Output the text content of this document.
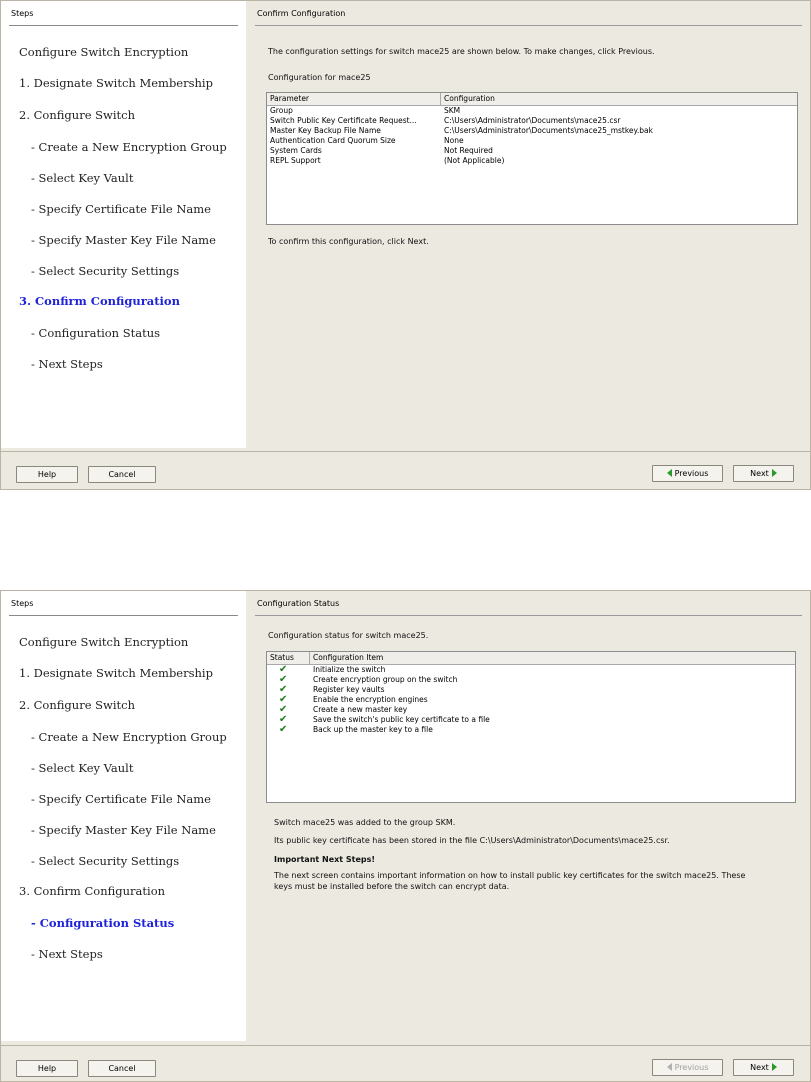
Steps
Configure Switch Encryption
1. Designate Switch Membership
2. Configure Switch
- Create a New Encryption Group
- Select Key Vault
- Specify Certificate File Name
- Specify Master Key File Name
- Select Security Settings
3. Confirm Configuration
- Configuration Status
- Next Steps
Confirm Configuration
The configuration settings for switch mace25 are shown below. To make changes, click Previous.
Configuration for mace25
Parameter	Configuration
Group	SKM
Switch Public Key Certificate Request...	C:\Users\Administrator\Documents\mace25.csr
Master Key Backup File Name	C:\Users\Administrator\Documents\mace25_mstkey.bak
Authentication Card Quorum Size	None
System Cards	Not Required
REPL Support	(Not Applicable)
To confirm this configuration, click Next.
Help	Cancel	Previous	Next
Steps
Configure Switch Encryption
1. Designate Switch Membership
2. Configure Switch
- Create a New Encryption Group
- Select Key Vault
- Specify Certificate File Name
- Specify Master Key File Name
- Select Security Settings
3. Confirm Configuration
- Configuration Status
- Next Steps
Configuration Status
Configuration status for switch mace25.
Status	Configuration Item
✔	Initialize the switch
✔	Create encryption group on the switch
✔	Register key vaults
✔	Enable the encryption engines
✔	Create a new master key
✔	Save the switch's public key certificate to a file
✔	Back up the master key to a file
Switch mace25 was added to the group SKM.
Its public key certificate has been stored in the file C:\Users\Administrator\Documents\mace25.csr.
Important Next Steps!
The next screen contains important information on how to install public key certificates for the switch mace25. These
keys must be installed before the switch can encrypt data.
Help	Cancel	Previous	Next
